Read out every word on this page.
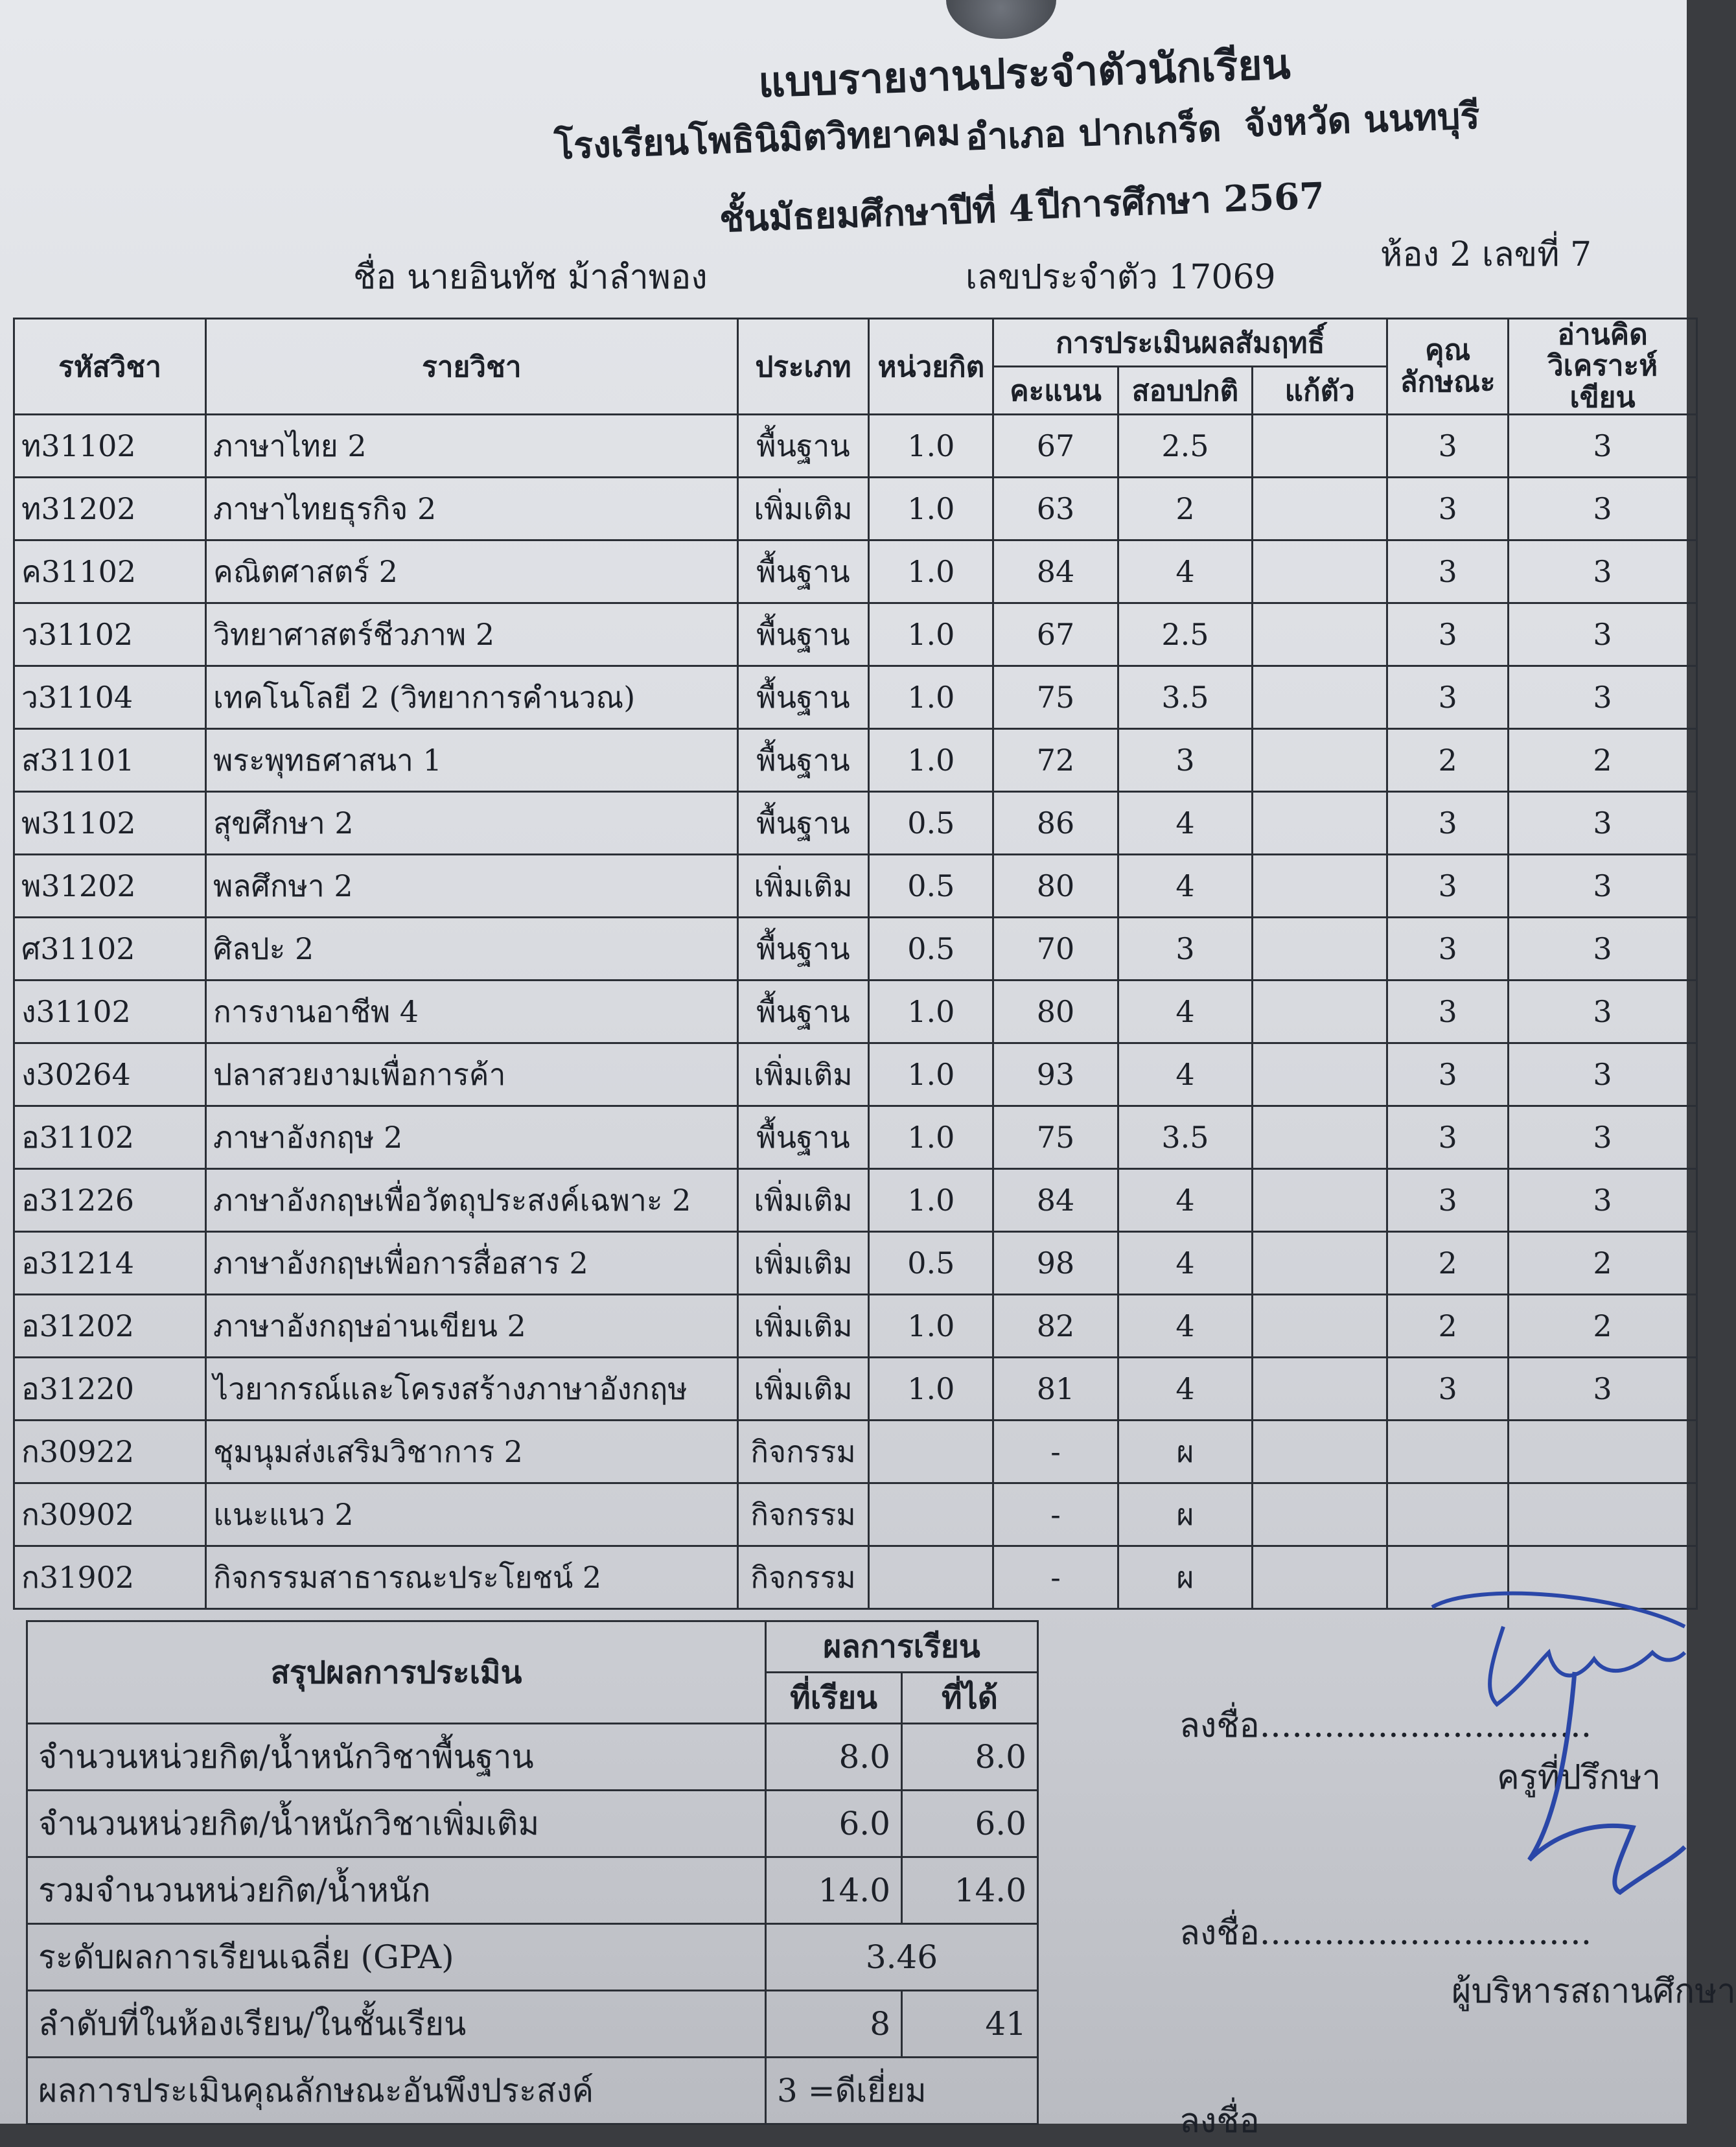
แบบรายงานประจำตัวนักเรียน
โรงเรียนโพธินิมิตวิทยาคม อำเภอ ปากเกร็ด จังหวัด นนทบุรี
ชั้นมัธยมศึกษาปีที่ 4 ปีการศึกษา 2567
ชื่อ นายอินทัช ม้าลำพอง	เลขประจำตัว 17069
ห้อง 2 เลขที่ 7
รหัสวิชา	รายวิชา	ประเภท	หน่วยกิต	การประเมินผลสัมฤทธิ์			คุณ ลักษณะ	อ่านคิด วิเคราะห์เขียน
				คะแนน	สอบปกติ	แก้ตัว		
ท31102	ภาษาไทย 2	พื้นฐาน	1.0	67	2.5		3	3
ท31202	ภาษาไทยธุรกิจ 2	เพิ่มเติม	1.0	63	2		3	3
ค31102	คณิตศาสตร์ 2	พื้นฐาน	1.0	84	4		3	3
ว31102	วิทยาศาสตร์ชีวภาพ 2	พื้นฐาน	1.0	67	2.5		3	3
ว31104	เทคโนโลยี 2 (วิทยาการคำนวณ)	พื้นฐาน	1.0	75	3.5		3	3
ส31101	พระพุทธศาสนา 1	พื้นฐาน	1.0	72	3		2	2
พ31102	สุขศึกษา 2	พื้นฐาน	0.5	86	4		3	3
พ31202	พลศึกษา 2	เพิ่มเติม	0.5	80	4		3	3
ศ31102	ศิลปะ 2	พื้นฐาน	0.5	70	3		3	3
ง31102	การงานอาชีพ 4	พื้นฐาน	1.0	80	4		3	3
ง30264	ปลาสวยงามเพื่อการค้า	เพิ่มเติม	1.0	93	4		3	3
อ31102	ภาษาอังกฤษ 2	พื้นฐาน	1.0	75	3.5		3	3
อ31226	ภาษาอังกฤษเพื่อวัตถุประสงค์เฉพาะ 2	เพิ่มเติม	1.0	84	4		3	3
อ31214	ภาษาอังกฤษเพื่อการสื่อสาร 2	เพิ่มเติม	0.5	98	4		2	2
อ31202	ภาษาอังกฤษอ่านเขียน 2	เพิ่มเติม	1.0	82	4		2	2
อ31220	ไวยากรณ์และโครงสร้างภาษาอังกฤษ	เพิ่มเติม	1.0	81	4		3	3
ก30922	ชุมนุมส่งเสริมวิชาการ 2	กิจกรรม		-	ผ			
ก30902	แนะแนว 2	กิจกรรม		-	ผ			
ก31902	กิจกรรมสาธารณะประโยชน์ 2	กิจกรรม		-	ผ			
สรุปผลการประเมิน	ผลการเรียน	
	ที่เรียน	ที่ได้
จำนวนหน่วยกิต/น้ำหนักวิชาพื้นฐาน	8.0	8.0
จำนวนหน่วยกิต/น้ำหนักวิชาเพิ่มเติม	6.0	6.0
รวมจำนวนหน่วยกิต/น้ำหนัก	14.0	14.0
ระดับผลการเรียนเฉลี่ย (GPA)	3.46	
ลำดับที่ในห้องเรียน/ในชั้นเรียน	8	41
ผลการประเมินคุณลักษณะอันพึงประสงค์	3 =ดีเยี่ยม	
ลงชื่อ...............................
ครูที่ปรึกษา
ลงชื่อ...............................
ผู้บริหารสถานศึกษา
ลงชื่อ
